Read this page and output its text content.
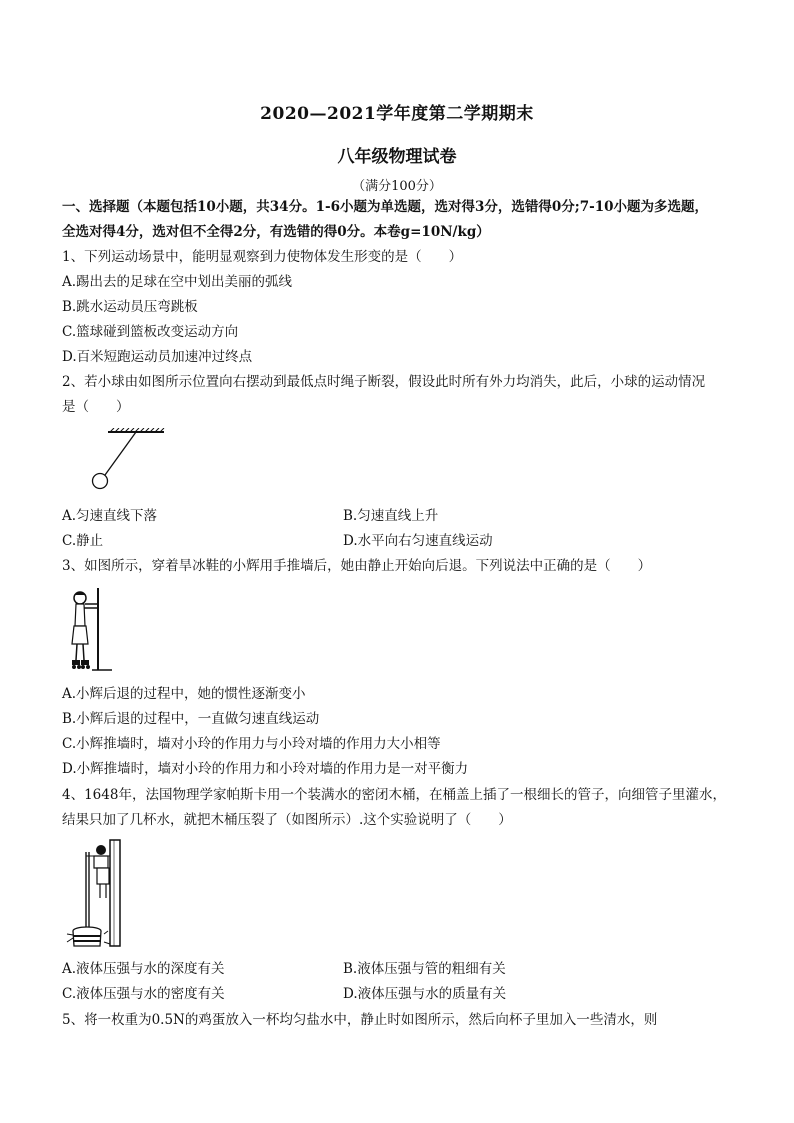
2020—2021学年度第二学期期末
八年级物理试卷
（满分100分）
一、选择题（本题包括10小题，共34分。1-6小题为单选题，选对得3分，选错得0分;7-10小题为多选题，
全选对得4分，选对但不全得2分，有选错的得0分。本卷g=10N/kg）
1、下列运动场景中，能明显观察到力使物体发生形变的是（　　）
A.踢出去的足球在空中划出美丽的弧线
B.跳水运动员压弯跳板
C.篮球碰到篮板改变运动方向
D.百米短跑运动员加速冲过终点
2、若小球由如图所示位置向右摆动到最低点时绳子断裂，假设此时所有外力均消失，此后，小球的运动情况
是（　　）
A.匀速直线下落	B.匀速直线上升
C.静止	D.水平向右匀速直线运动
3、如图所示，穿着旱冰鞋的小辉用手推墙后，她由静止开始向后退。下列说法中正确的是（　　）
A.小辉后退的过程中，她的惯性逐渐变小
B.小辉后退的过程中，一直做匀速直线运动
C.小辉推墙时，墙对小玲的作用力与小玲对墙的作用力大小相等
D.小辉推墙时，墙对小玲的作用力和小玲对墙的作用力是一对平衡力
4、1648年，法国物理学家帕斯卡用一个装满水的密闭木桶，在桶盖上插了一根细长的管子，向细管子里灌水，
结果只加了几杯水，就把木桶压裂了（如图所示）.这个实验说明了（　　）
A.液体压强与水的深度有关	B.液体压强与管的粗细有关
C.液体压强与水的密度有关	D.液体压强与水的质量有关
5、将一枚重为0.5N的鸡蛋放入一杯均匀盐水中，静止时如图所示，然后向杯子里加入一些清水，则
